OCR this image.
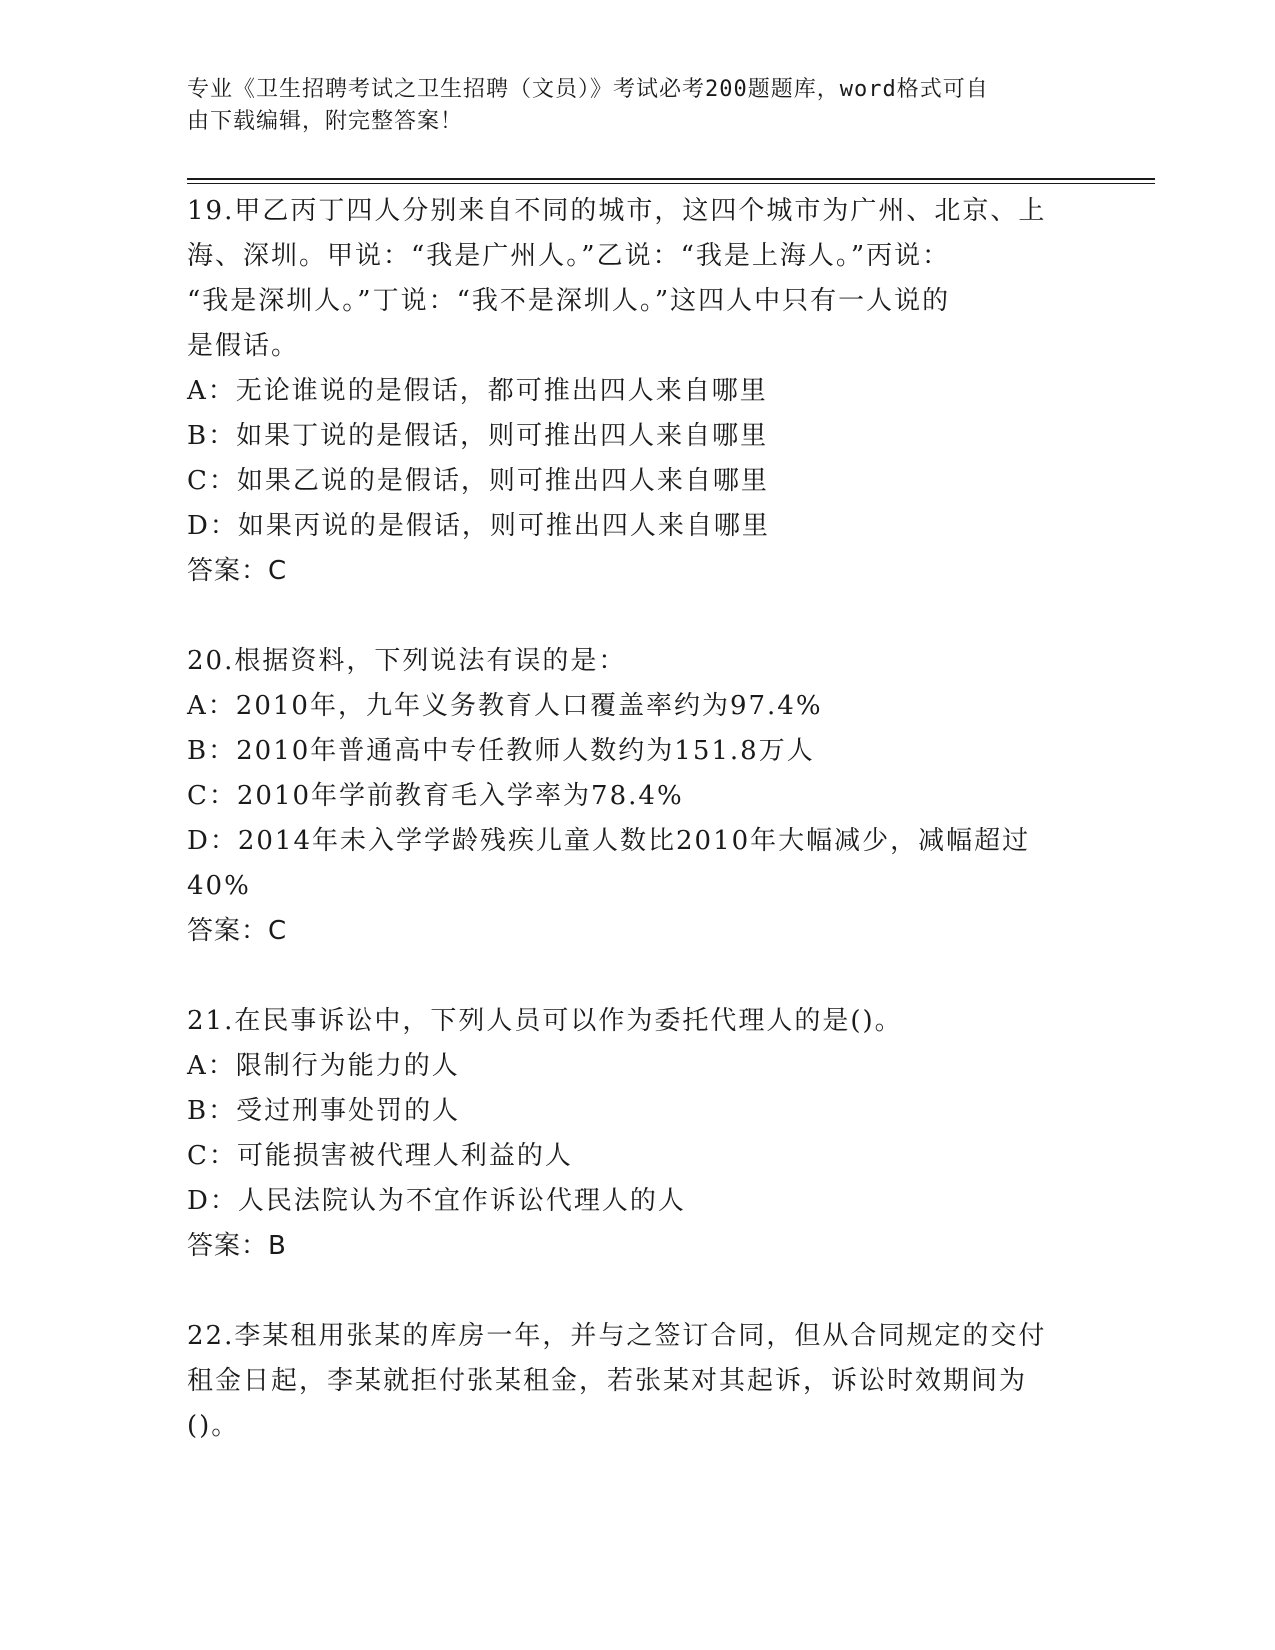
专业《卫生招聘考试之卫生招聘（文员）》考试必考200题题库，word格式可自
由下载编辑，附完整答案！
19.甲乙丙丁四人分别来自不同的城市，这四个城市为广州、北京、上
海、深圳。甲说：“我是广州人。”乙说：“我是上海人。”丙说：
“我是深圳人。”丁说：“我不是深圳人。”这四人中只有一人说的
是假话。
A：无论谁说的是假话，都可推出四人来自哪里
B：如果丁说的是假话，则可推出四人来自哪里
C：如果乙说的是假话，则可推出四人来自哪里
D：如果丙说的是假话，则可推出四人来自哪里
答案：C
20.根据资料，下列说法有误的是：
A：2010年，九年义务教育人口覆盖率约为97.4%
B：2010年普通高中专任教师人数约为151.8万人
C：2010年学前教育毛入学率为78.4%
D：2014年未入学学龄残疾儿童人数比2010年大幅减少，减幅超过
40%
答案：C
21.在民事诉讼中，下列人员可以作为委托代理人的是()。
A：限制行为能力的人
B：受过刑事处罚的人
C：可能损害被代理人利益的人
D：人民法院认为不宜作诉讼代理人的人
答案：B
22.李某租用张某的库房一年，并与之签订合同，但从合同规定的交付
租金日起，李某就拒付张某租金，若张某对其起诉，诉讼时效期间为
()。
